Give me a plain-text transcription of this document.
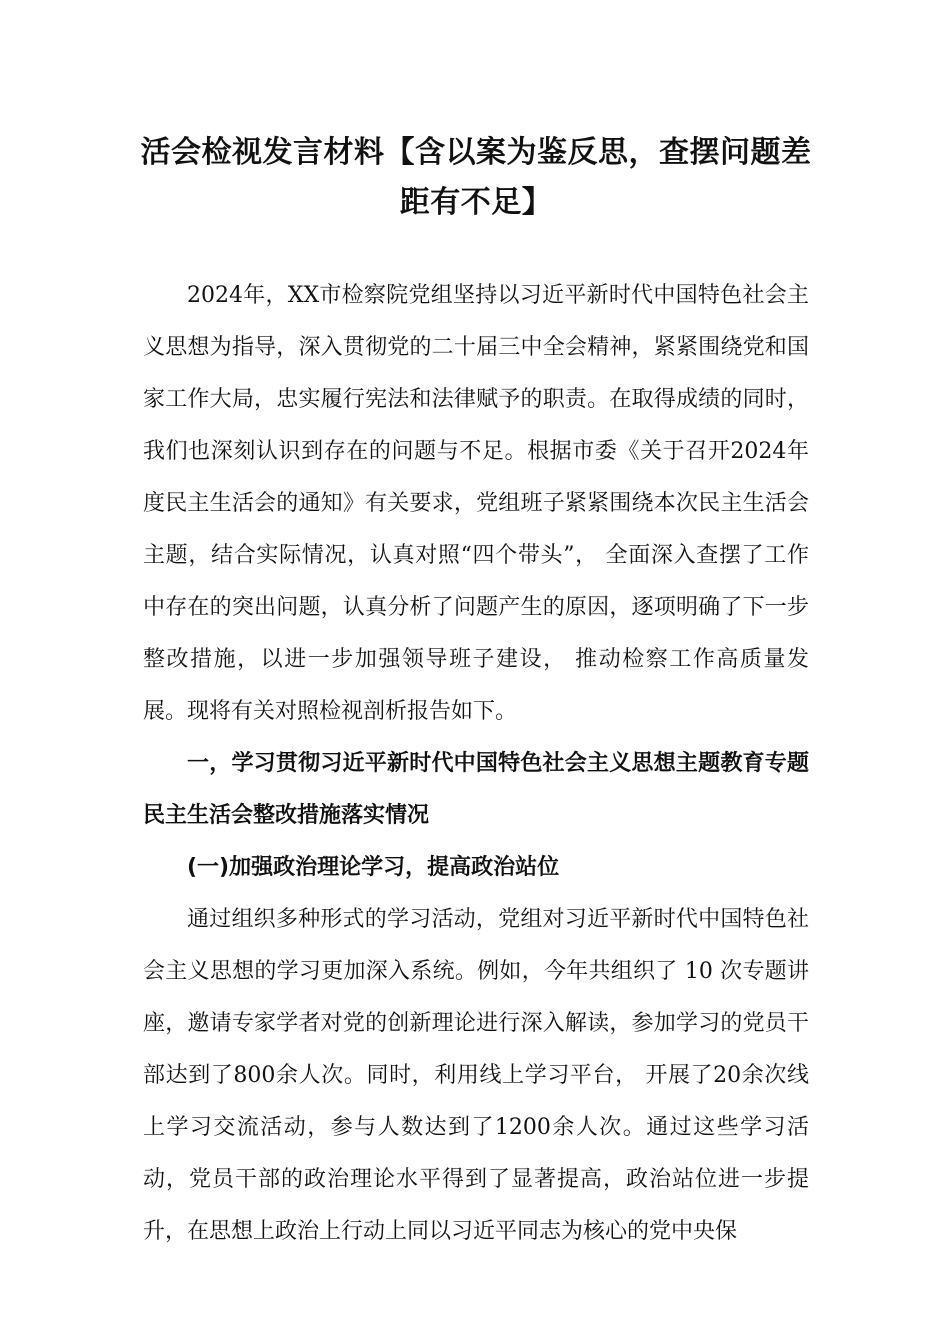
活会检视发言材料【含以案为鉴反思，查摆问题差距有不足】

2024年，XX市检察院党组坚持以习近平新时代中国特色社会主义思想为指导，深入贯彻党的二十届三中全会精神，紧紧围绕党和国家工作大局，忠实履行宪法和法律赋予的职责。在取得成绩的同时，我们也深刻认识到存在的问题与不足。根据市委《关于召开2024年度民主生活会的通知》有关要求，党组班子紧紧围绕本次民主生活会主题，结合实际情况，认真对照“四个带头”， 全面深入查摆了工作中存在的突出问题，认真分析了问题产生的原因，逐项明确了下一步整改措施，以进一步加强领导班子建设， 推动检察工作高质量发展。现将有关对照检视剖析报告如下。

一，学习贯彻习近平新时代中国特色社会主义思想主题教育专题民主生活会整改措施落实情况

(一)加强政治理论学习，提高政治站位

通过组织多种形式的学习活动，党组对习近平新时代中国特色社会主义思想的学习更加深入系统。例如，今年共组织了 10 次专题讲座，邀请专家学者对党的创新理论进行深入解读，参加学习的党员干部达到了800余人次。同时，利用线上学习平台， 开展了20余次线上学习交流活动，参与人数达到了1200余人次。通过这些学习活动，党员干部的政治理论水平得到了显著提高，政治站位进一步提升，在思想上政治上行动上同以习近平同志为核心的党中央保
